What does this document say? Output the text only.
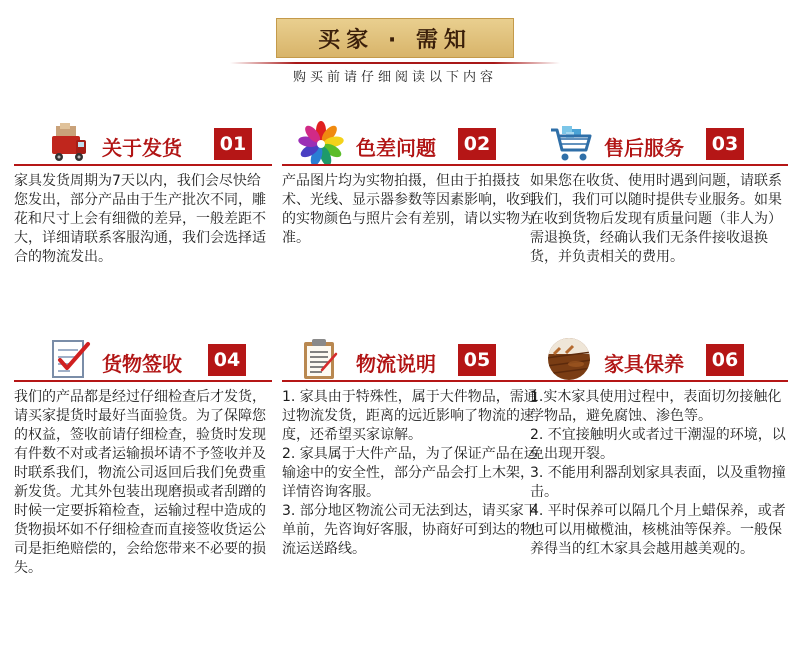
买家 · 需知
购买前请仔细阅读以下内容
关于发货	01

家具发货周期为7天以内，我们会尽快给您发出，部分产品由于生产批次不同，雕花和尺寸上会有细微的差异，一般差距不大，详细请联系客服沟通，我们会选择适合的物流发出。

色差问题	02

产品图片均为实物拍摄，但由于拍摄技术、光线、显示器参数等因素影响，收到的实物颜色与照片会有差别，请以实物为准。

售后服务	03

如果您在收货、使用时遇到问题，请联系我们，我们可以随时提供专业服务。如果在收到货物后发现有质量问题（非人为）需退换货，经确认我们无条件接收退换货，并负责相关的费用。

货物签收	04

我们的产品都是经过仔细检查后才发货，请买家提货时最好当面验货。为了保障您的权益，签收前请仔细检查，验货时发现有件数不对或者运输损坏请不予签收并及时联系我们，物流公司返回后我们免费重新发货。尤其外包装出现磨损或者刮蹭的时候一定要拆箱检查，运输过程中造成的货物损坏如不仔细检查而直接签收货运公司是拒绝赔偿的，会给您带来不必要的损失。

物流说明	05

1. 家具由于特殊性，属于大件物品，需通过物流发货，距离的远近影响了物流的速度，还希望买家谅解。

2. 家具属于大件产品，为了保证产品在运输途中的安全性，部分产品会打上木架，详情咨询客服。

3. 部分地区物流公司无法到达，请买家下单前，先咨询好客服，协商好可到达的物流运送路线。

家具保养	06

1.实木家具使用过程中，表面切勿接触化学物品，避免腐蚀、渗色等。

2. 不宜接触明火或者过干潮湿的环境，以免出现开裂。

3. 不能用利器刮划家具表面，以及重物撞击。

4. 平时保养可以隔几个月上蜡保养，或者也可以用橄榄油，核桃油等保养。一般保养得当的红木家具会越用越美观的。
